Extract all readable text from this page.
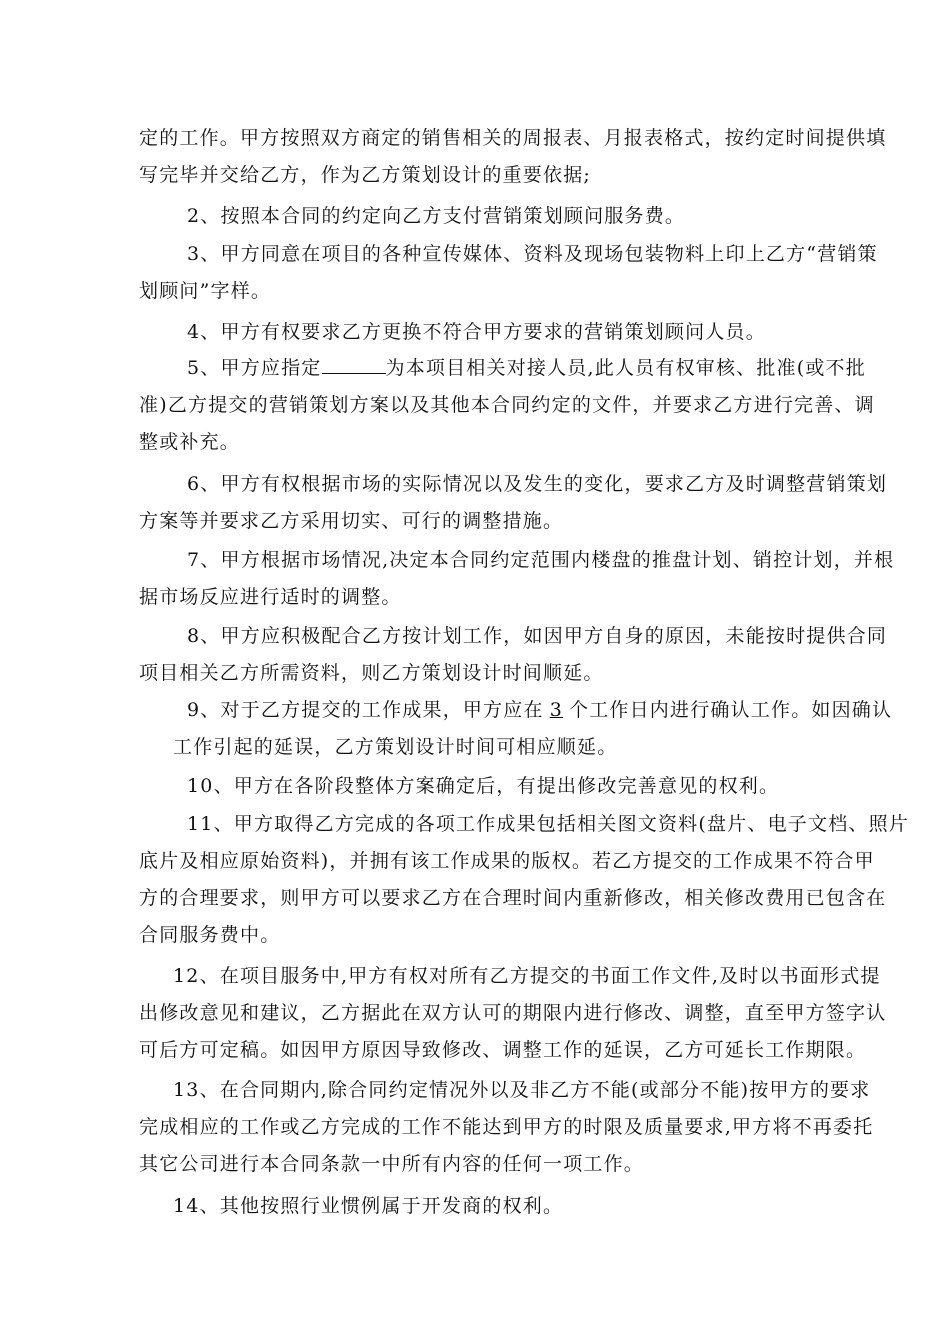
定的工作。甲方按照双方商定的销售相关的周报表、月报表格式，按约定时间提供填
写完毕并交给乙方，作为乙方策划设计的重要依据;
2、按照本合同的约定向乙方支付营销策划顾问服务费。
3、甲方同意在项目的各种宣传媒体、资料及现场包装物料上印上乙方“营销策
划顾问”字样。
4、甲方有权要求乙方更换不符合甲方要求的营销策划顾问人员。
5、甲方应指定	为本项目相关对接人员,此人员有权审核、批准(或不批
准)乙方提交的营销策划方案以及其他本合同约定的文件，并要求乙方进行完善、调
整或补充。
6、甲方有权根据市场的实际情况以及发生的变化，要求乙方及时调整营销策划
方案等并要求乙方采用切实、可行的调整措施。
7、甲方根据市场情况,决定本合同约定范围内楼盘的推盘计划、销控计划，并根
据市场反应进行适时的调整。
8、甲方应积极配合乙方按计划工作，如因甲方自身的原因，未能按时提供合同
项目相关乙方所需资料，则乙方策划设计时间顺延。
9、对于乙方提交的工作成果，甲方应在 3 个工作日内进行确认工作。如因确认
工作引起的延误，乙方策划设计时间可相应顺延。
10、甲方在各阶段整体方案确定后，有提出修改完善意见的权利。
11、甲方取得乙方完成的各项工作成果包括相关图文资料(盘片、电子文档、照片
底片及相应原始资料)，并拥有该工作成果的版权。若乙方提交的工作成果不符合甲
方的合理要求，则甲方可以要求乙方在合理时间内重新修改，相关修改费用已包含在
合同服务费中。
12、在项目服务中,甲方有权对所有乙方提交的书面工作文件,及时以书面形式提
出修改意见和建议，乙方据此在双方认可的期限内进行修改、调整，直至甲方签字认
可后方可定稿。如因甲方原因导致修改、调整工作的延误，乙方可延长工作期限。
13、在合同期内,除合同约定情况外以及非乙方不能(或部分不能)按甲方的要求
完成相应的工作或乙方完成的工作不能达到甲方的时限及质量要求,甲方将不再委托
其它公司进行本合同条款一中所有内容的任何一项工作。
14、其他按照行业惯例属于开发商的权利。
